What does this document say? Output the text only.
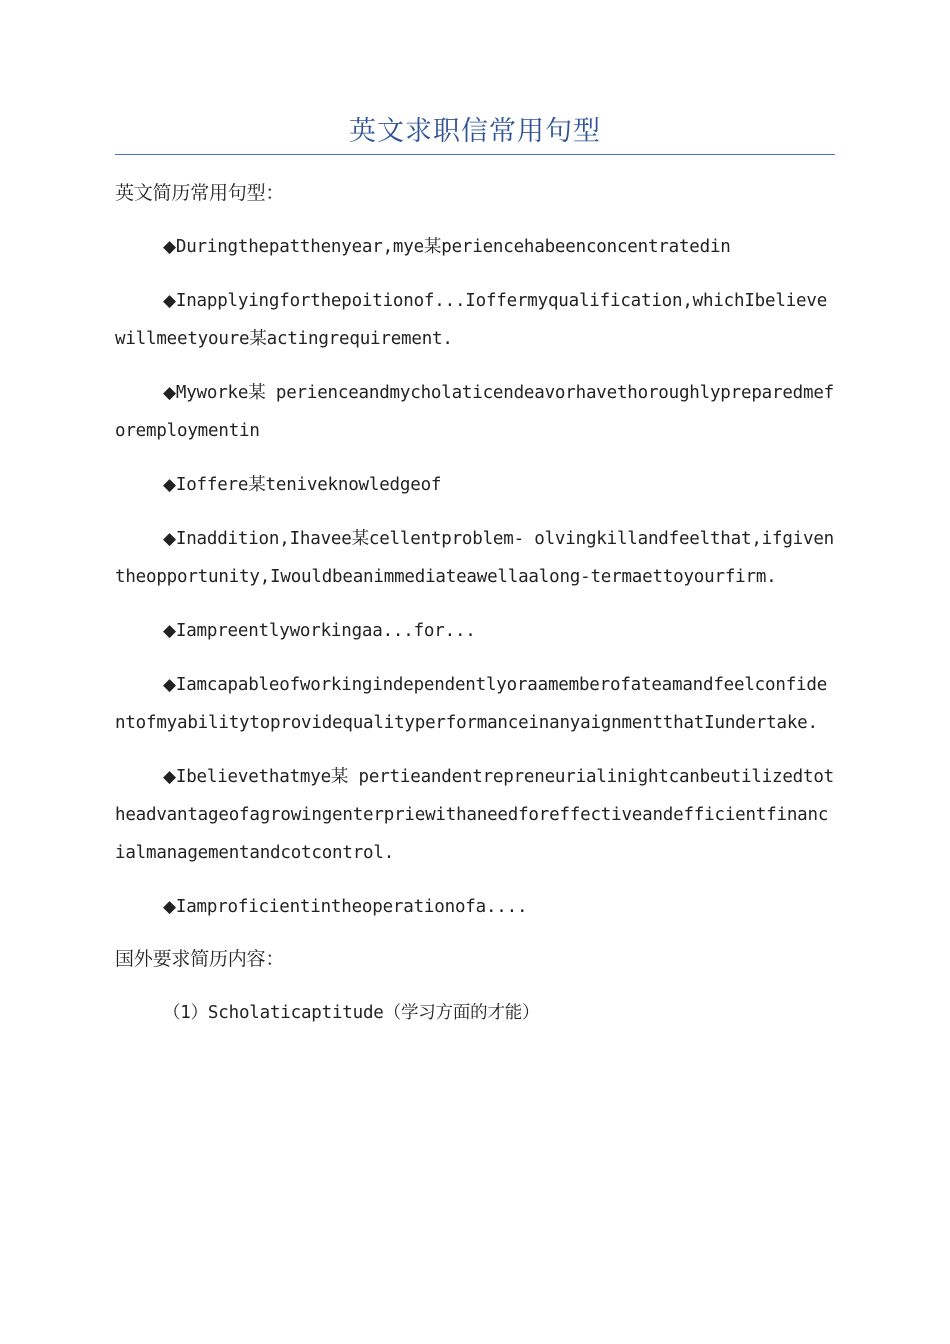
英文求职信常用句型
英文简历常用句型：
◆Duringthepatthenyear,mye某periencehabeenconcentratedin
◆Inapplyingforthepoitionof...Ioffermyqualification,whichIbelievewillmeetyoure某actingrequirement.
◆Myworke某 perienceandmycholaticendeavorhavethoroughlypreparedmeforemploymentin
◆Ioffere某teniveknowledgeof
◆Inaddition,Ihavee某cellentproblem- olvingkillandfeelthat,ifgiventheopportunity,Iwouldbeanimmediateawellaalong-termaettoyourfirm.
◆Iampreentlyworkingaa...for...
◆IamcapableofworkingindependentlyoraamemberofateamandfeelconfidentofmyabilitytoprovidequalityperformanceinanyaignmentthatIundertake.
◆Ibelievethatmye某 pertieandentrepreneurialinightcanbeutilizedtotheadvantageofagrowingenterpriewithaneedforeffectiveandefficientfinancialmanagementandcotcontrol.
◆Iamproficientintheoperationofa....
国外要求简历内容：
（1）Scholaticaptitude（学习方面的才能）
